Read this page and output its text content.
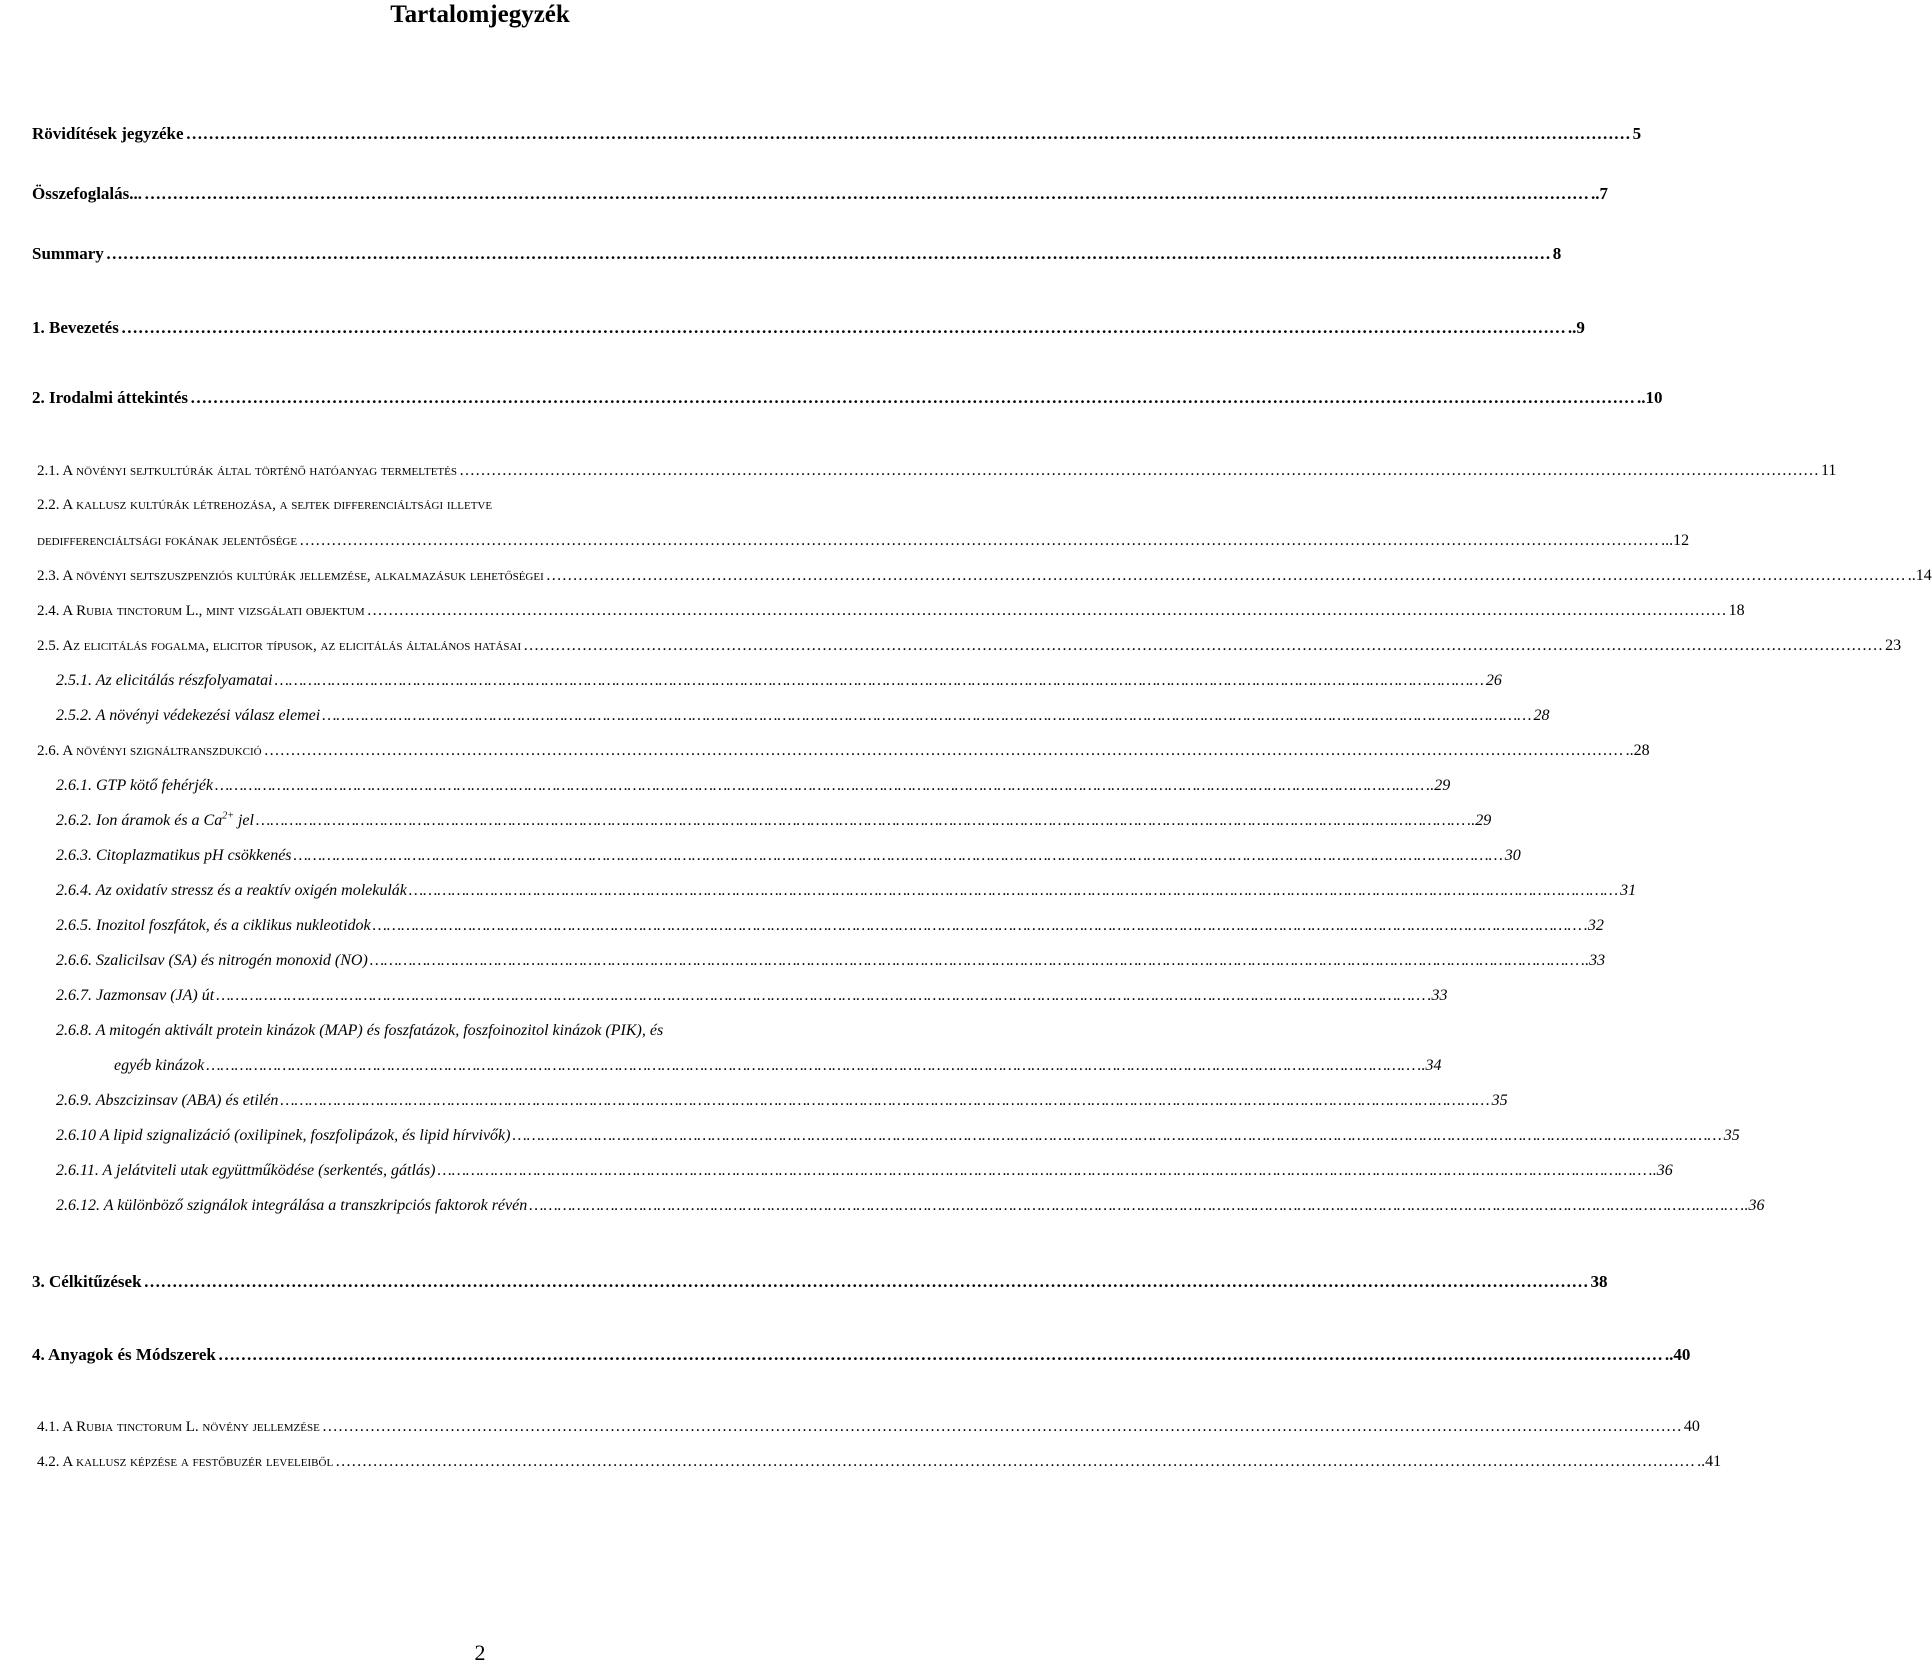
Tartalomjegyzék
Rövidítések jegyzéke …………………………………………………………………………………………………………………………………………………………………………………………………………………………………	5
Összefoglalás... …………………………………………………………………………………………………………………………………………………………………………………………………………………………………	..7
Summary …………………………………………………………………………………………………………………………………………………………………………………………………………………………………	8
1. Bevezetés …………………………………………………………………………………………………………………………………………………………………………………………………………………………………	..9
2. Irodalmi áttekintés …………………………………………………………………………………………………………………………………………………………………………………………………………………………………	..10
2.1. A növényi sejtkultúrák által történő hatóanyag termeltetés …………………………………………………………………………………………………………………………………………………………………………………………………………………………………	11
2.2. A kallusz kultúrák létrehozása, a sejtek differenciáltsági illetve
dedifferenciáltsági fokának jelentősége …………………………………………………………………………………………………………………………………………………………………………………………………………………………………	...12
2.3. A növényi sejtszuszpenziós kultúrák jellemzése, alkalmazásuk lehetőségei …………………………………………………………………………………………………………………………………………………………………………………………………………………………………	..14
2.4. A Rubia tinctorum L., mint vizsgálati objektum …………………………………………………………………………………………………………………………………………………………………………………………………………………………………	18
2.5. Az elicitálás fogalma, elicitor típusok, az elicitálás általános hatásai …………………………………………………………………………………………………………………………………………………………………………………………………………………………………	23
2.5.1. Az elicitálás részfolyamatai …………………………………………………………………………………………………………………………………………………………………………………………………………………………………	26
2.5.2. A növényi védekezési válasz elemei …………………………………………………………………………………………………………………………………………………………………………………………………………………………………	28
2.6. A növényi szignáltranszdukció …………………………………………………………………………………………………………………………………………………………………………………………………………………………………	..28
2.6.1. GTP kötő fehérjék …………………………………………………………………………………………………………………………………………………………………………………………………………………………………	..29
2.6.2. Ion áramok és a $Ca^{2+}$ jel …………………………………………………………………………………………………………………………………………………………………………………………………………………………………	..29
2.6.3. Citoplazmatikus pH csökkenés …………………………………………………………………………………………………………………………………………………………………………………………………………………………………	30
2.6.4. Az oxidatív stressz és a reaktív oxigén molekulák …………………………………………………………………………………………………………………………………………………………………………………………………………………………………	31
2.6.5. Inozitol foszfátok, és a ciklikus nukleotidok …………………………………………………………………………………………………………………………………………………………………………………………………………………………………	.32
2.6.6. Szalicilsav (SA) és nitrogén monoxid (NO) …………………………………………………………………………………………………………………………………………………………………………………………………………………………………	..33
2.6.7. Jazmonsav (JA) út …………………………………………………………………………………………………………………………………………………………………………………………………………………………………	.33
2.6.8. A mitogén aktivált protein kinázok (MAP) és foszfatázok, foszfoinozitol kinázok (PIK), és
egyéb kinázok …………………………………………………………………………………………………………………………………………………………………………………………………………………………………	..34
2.6.9. Abszcizinsav (ABA) és etilén …………………………………………………………………………………………………………………………………………………………………………………………………………………………………	35
2.6.10 A lipid szignalizáció (oxilipinek, foszfolipázok, és lipid hírvivők) …………………………………………………………………………………………………………………………………………………………………………………………………………………………………	35
2.6.11. A jelátviteli utak együttműködése (serkentés, gátlás) …………………………………………………………………………………………………………………………………………………………………………………………………………………………………	..36
2.6.12. A különböző szignálok integrálása a transzkripciós faktorok révén …………………………………………………………………………………………………………………………………………………………………………………………………………………………………	..36
3. Célkitűzések …………………………………………………………………………………………………………………………………………………………………………………………………………………………………	38
4. Anyagok és Módszerek …………………………………………………………………………………………………………………………………………………………………………………………………………………………………	..40
4.1. A Rubia tinctorum L. növény jellemzése …………………………………………………………………………………………………………………………………………………………………………………………………………………………………	40
4.2. A kallusz képzése a festőbuzér leveleiből …………………………………………………………………………………………………………………………………………………………………………………………………………………………………	..41
2
